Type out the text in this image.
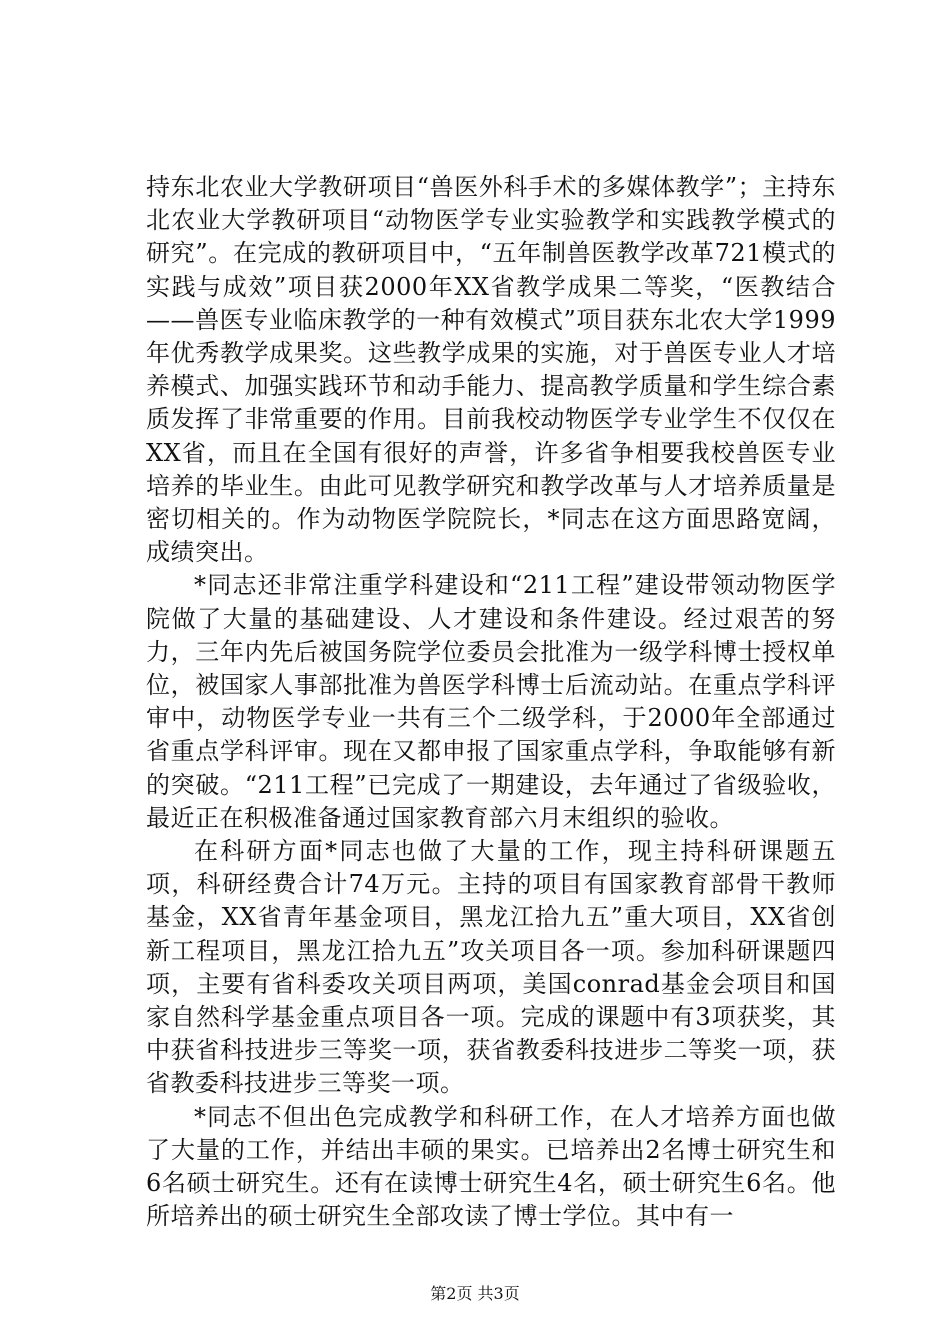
持东北农业大学教研项目“兽医外科手术的多媒体教学”；主持东北农业大学教研项目“动物医学专业实验教学和实践教学模式的研究”。在完成的教研项目中，“五年制兽医教学改革721模式的实践与成效”项目获2000年XX省教学成果二等奖，“医教结合——兽医专业临床教学的一种有效模式”项目获东北农大学1999年优秀教学成果奖。这些教学成果的实施，对于兽医专业人才培养模式、加强实践环节和动手能力、提高教学质量和学生综合素质发挥了非常重要的作用。目前我校动物医学专业学生不仅仅在XX省，而且在全国有很好的声誉，许多省争相要我校兽医专业培养的毕业生。由此可见教学研究和教学改革与人才培养质量是密切相关的。作为动物医学院院长，*同志在这方面思路宽阔，成绩突出。

*同志还非常注重学科建设和“211工程”建设带领动物医学院做了大量的基础建设、人才建设和条件建设。经过艰苦的努力，三年内先后被国务院学位委员会批准为一级学科博士授权单位，被国家人事部批准为兽医学科博士后流动站。在重点学科评审中，动物医学专业一共有三个二级学科，于2000年全部通过省重点学科评审。现在又都申报了国家重点学科，争取能够有新的突破。“211工程”已完成了一期建设，去年通过了省级验收，最近正在积极准备通过国家教育部六月末组织的验收。

在科研方面*同志也做了大量的工作，现主持科研课题五项，科研经费合计74万元。主持的项目有国家教育部骨干教师基金，XX省青年基金项目，黑龙江拾九五”重大项目，XX省创新工程项目，黑龙江拾九五”攻关项目各一项。参加科研课题四项，主要有省科委攻关项目两项，美国conrad基金会项目和国家自然科学基金重点项目各一项。完成的课题中有3项获奖，其中获省科技进步三等奖一项，获省教委科技进步二等奖一项，获省教委科技进步三等奖一项。

*同志不但出色完成教学和科研工作，在人才培养方面也做了大量的工作，并结出丰硕的果实。已培养出2名博士研究生和6名硕士研究生。还有在读博士研究生4名，硕士研究生6名。他所培养出的硕士研究生全部攻读了博士学位。其中有一

第2页 共3页
